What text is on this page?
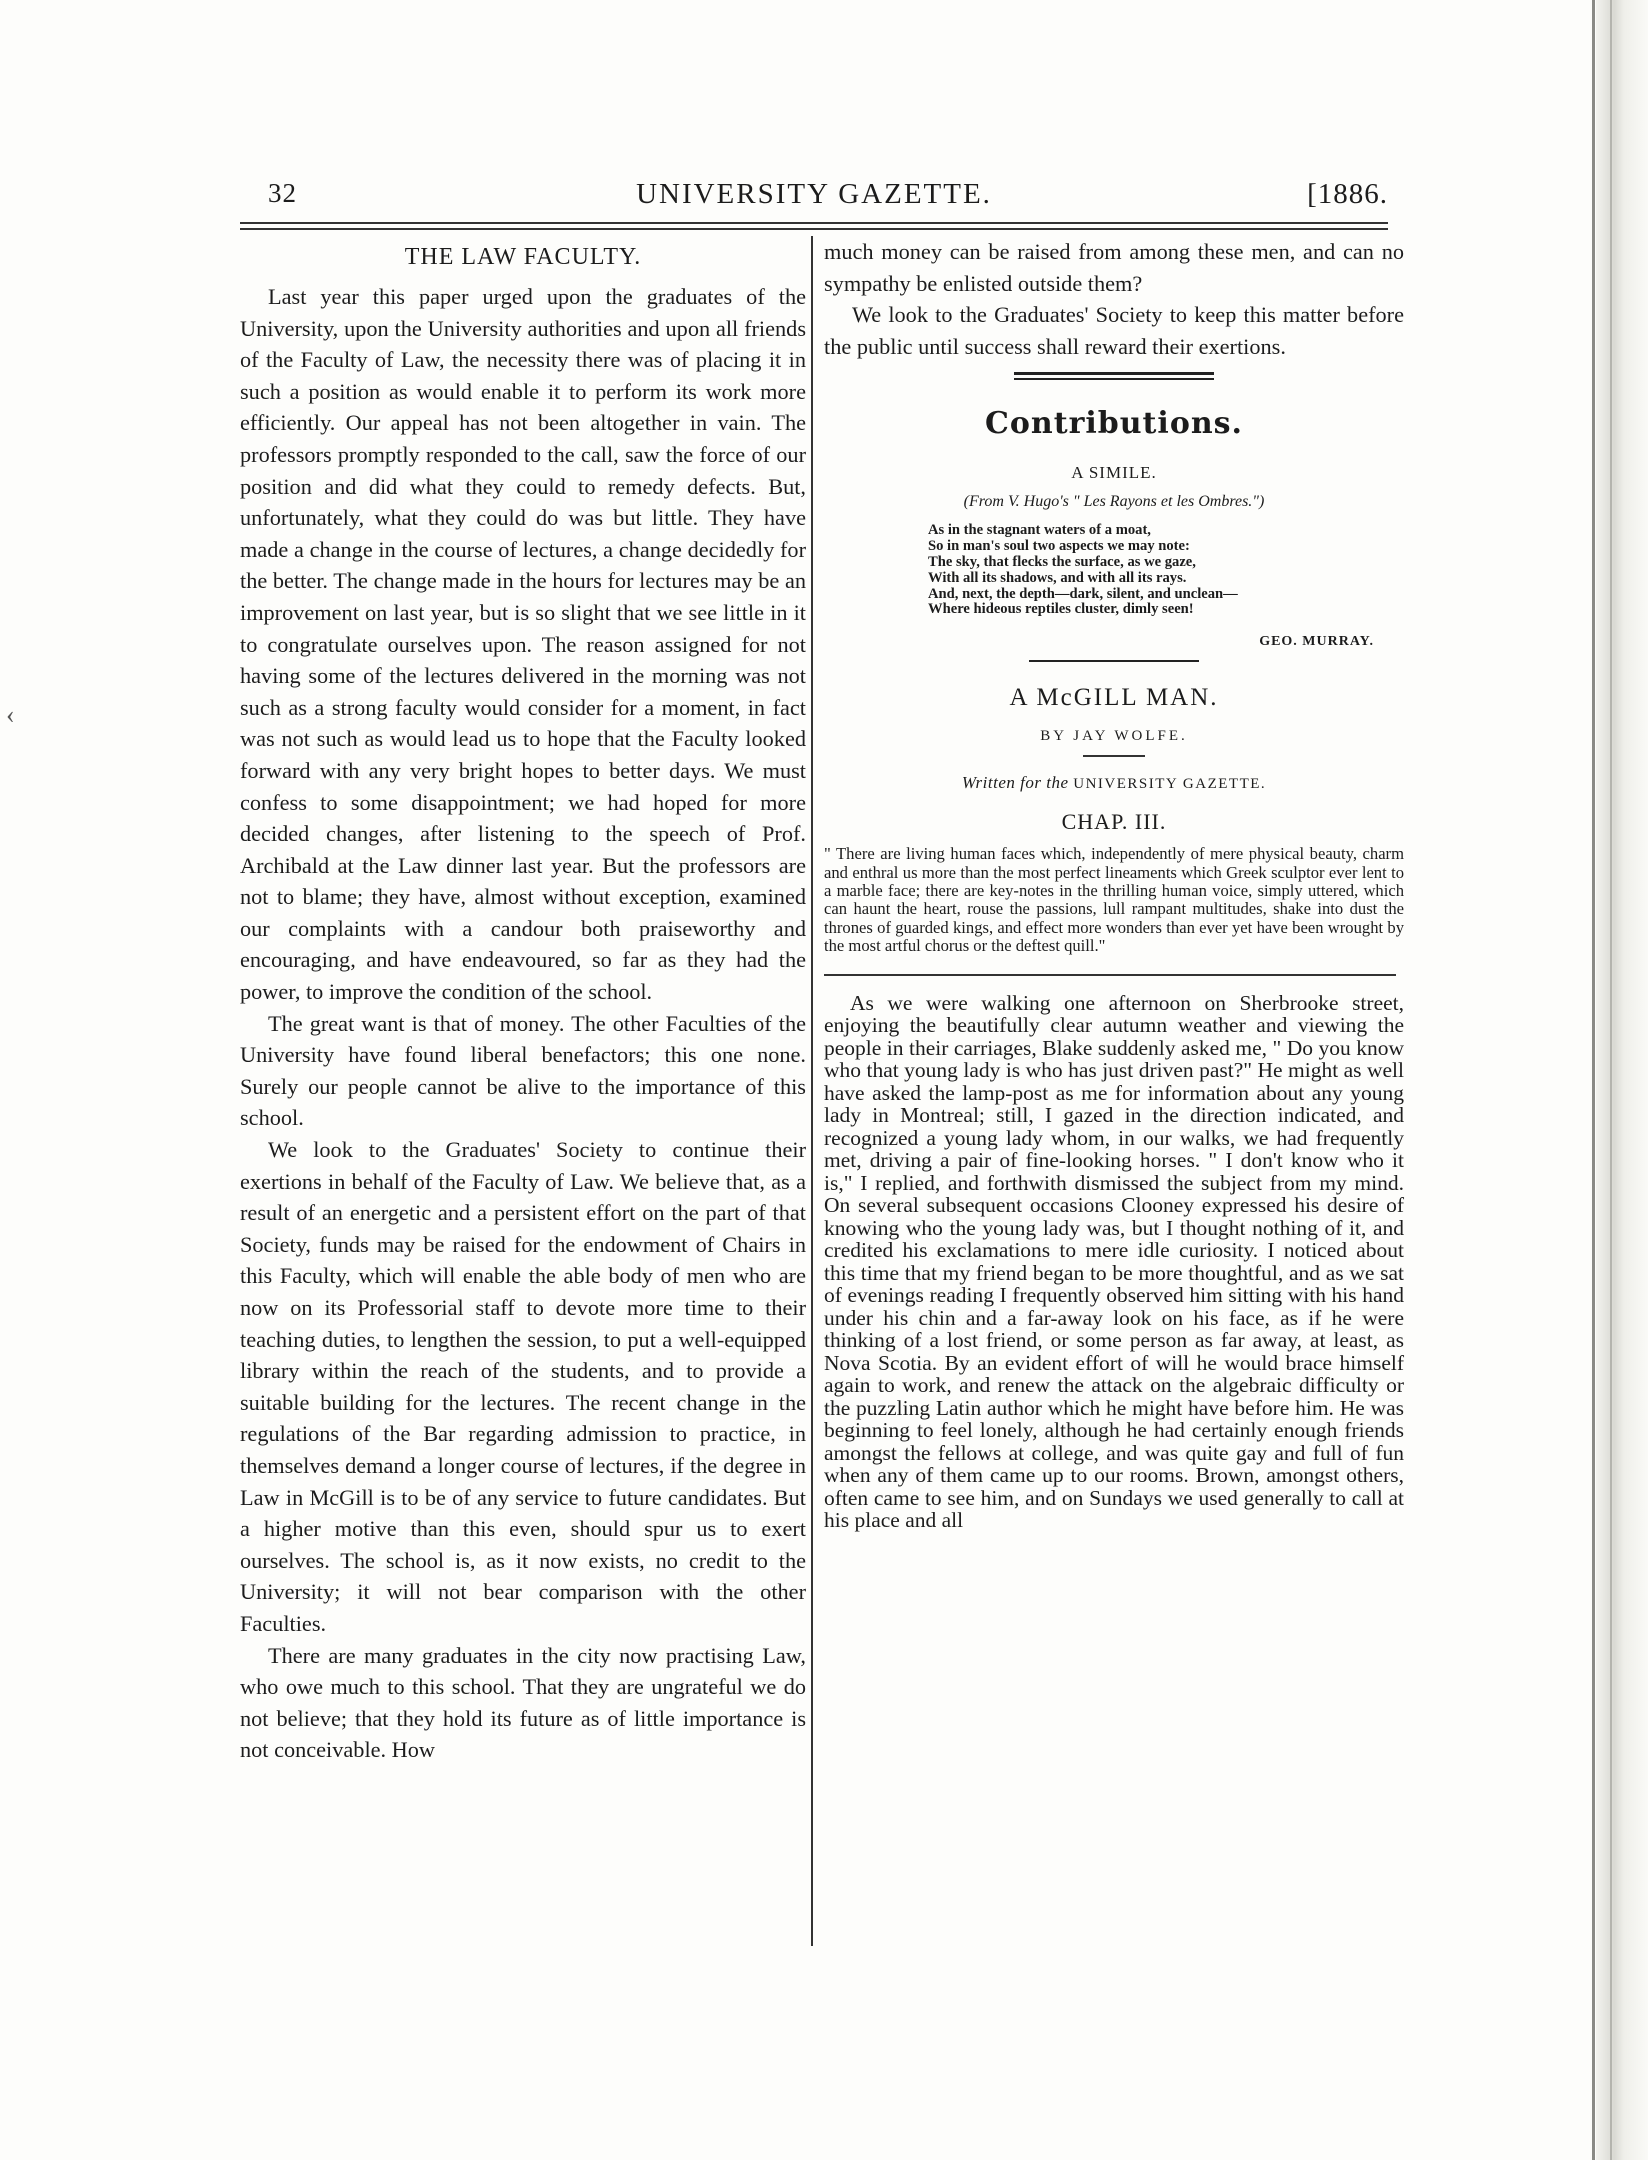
‹
32	UNIVERSITY GAZETTE.	[1886.
THE LAW FACULTY.

Last year this paper urged upon the graduates of the University, upon the University authorities and upon all friends of the Faculty of Law, the necessity there was of placing it in such a position as would enable it to perform its work more efficiently. Our appeal has not been altogether in vain. The professors promptly responded to the call, saw the force of our position and did what they could to remedy defects. But, unfortunately, what they could do was but little. They have made a change in the course of lectures, a change decidedly for the better. The change made in the hours for lectures may be an improvement on last year, but is so slight that we see little in it to congratulate ourselves upon. The reason assigned for not having some of the lectures delivered in the morning was not such as a strong faculty would consider for a moment, in fact was not such as would lead us to hope that the Faculty looked forward with any very bright hopes to better days. We must confess to some disappointment; we had hoped for more decided changes, after listening to the speech of Prof. Archibald at the Law dinner last year. But the professors are not to blame; they have, almost without exception, examined our complaints with a candour both praiseworthy and encouraging, and have endeavoured, so far as they had the power, to improve the condition of the school.

The great want is that of money. The other Faculties of the University have found liberal benefactors; this one none. Surely our people cannot be alive to the importance of this school.

We look to the Graduates' Society to continue their exertions in behalf of the Faculty of Law. We believe that, as a result of an energetic and a persistent effort on the part of that Society, funds may be raised for the endowment of Chairs in this Faculty, which will enable the able body of men who are now on its Professorial staff to devote more time to their teaching duties, to lengthen the session, to put a well-equipped library within the reach of the students, and to provide a suitable building for the lectures. The recent change in the regulations of the Bar regarding admission to practice, in themselves demand a longer course of lectures, if the degree in Law in McGill is to be of any service to future candidates. But a higher motive than this even, should spur us to exert ourselves. The school is, as it now exists, no credit to the University; it will not bear comparison with the other Faculties.

There are many graduates in the city now practising Law, who owe much to this school. That they are ungrateful we do not believe; that they hold its future as of little importance is not conceivable. How

much money can be raised from among these men, and can no sympathy be enlisted outside them?

We look to the Graduates' Society to keep this matter before the public until success shall reward their exertions.

Contributions.
A SIMILE.
(From V. Hugo's " Les Rayons et les Ombres.")
As in the stagnant waters of a moat,
So in man's soul two aspects we may note:
The sky, that flecks the surface, as we gaze,
With all its shadows, and with all its rays.
And, next, the depth—dark, silent, and unclean—
Where hideous reptiles cluster, dimly seen!
GEO. MURRAY.
A McGILL MAN.
BY JAY WOLFE.
Written for the UNIVERSITY GAZETTE.
CHAP. III.

" There are living human faces which, independently of mere physical beauty, charm and enthral us more than the most perfect lineaments which Greek sculptor ever lent to a marble face; there are key-notes in the thrilling human voice, simply uttered, which can haunt the heart, rouse the passions, lull rampant multitudes, shake into dust the thrones of guarded kings, and effect more wonders than ever yet have been wrought by the most artful chorus or the deftest quill."

As we were walking one afternoon on Sherbrooke street, enjoying the beautifully clear autumn weather and viewing the people in their carriages, Blake suddenly asked me, " Do you know who that young lady is who has just driven past?" He might as well have asked the lamp-post as me for information about any young lady in Montreal; still, I gazed in the direction indicated, and recognized a young lady whom, in our walks, we had frequently met, driving a pair of fine-looking horses. " I don't know who it is," I replied, and forthwith dismissed the subject from my mind. On several subsequent occasions Clooney expressed his desire of knowing who the young lady was, but I thought nothing of it, and credited his exclamations to mere idle curiosity. I noticed about this time that my friend began to be more thoughtful, and as we sat of evenings reading I frequently observed him sitting with his hand under his chin and a far-away look on his face, as if he were thinking of a lost friend, or some person as far away, at least, as Nova Scotia. By an evident effort of will he would brace himself again to work, and renew the attack on the algebraic difficulty or the puzzling Latin author which he might have before him. He was beginning to feel lonely, although he had certainly enough friends amongst the fellows at college, and was quite gay and full of fun when any of them came up to our rooms. Brown, amongst others, often came to see him, and on Sundays we used generally to call at his place and all
